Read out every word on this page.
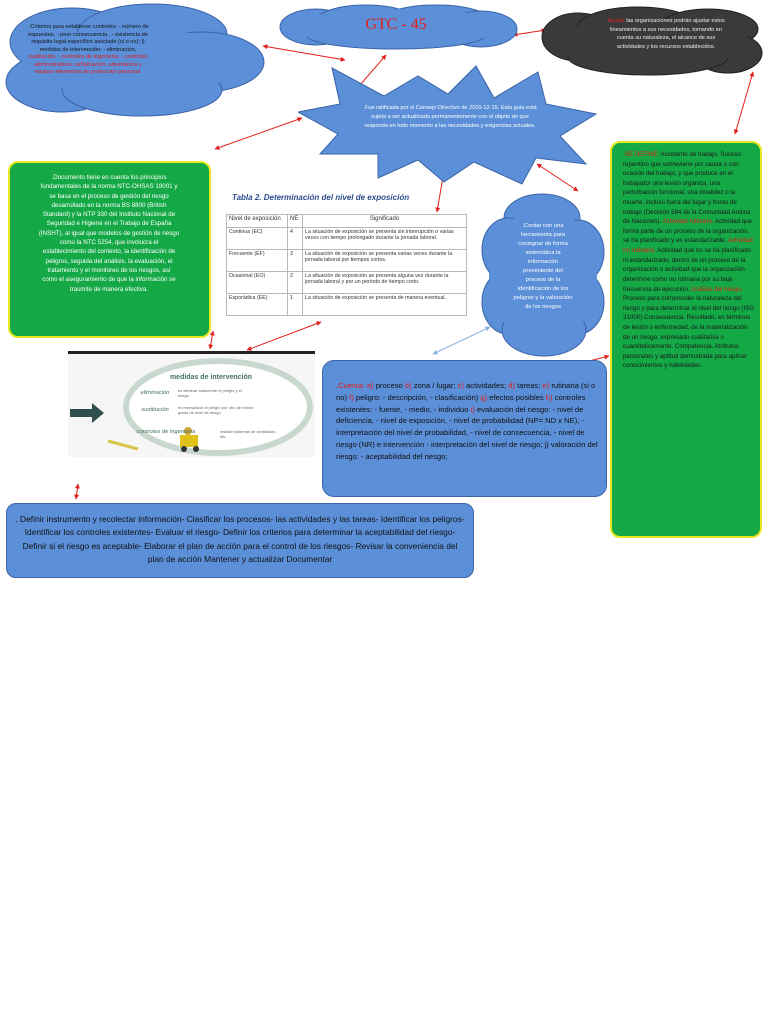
. Criterios para establecer controles: - número de
expuestos, - peor consecuencia , - existencia de
requisito legal específico asociado (si o no); l)
medidas de intervención: - eliminación,
sustitución, - controles de ingeniería, - controles
administrativos, señalización, advertencia y
equipos-elementos de protección personal.
GTC - 45	Ajustar las organizaciones podrán ajustar estos
lineamientos a sus necesidades, tomando en
cuenta su naturaleza, el alcance de sus
actividades y los recursos establecidos.
.Fue ratificada por el Consejo Directivo de 2010-12-15. Esta guía está
sujeta a ser actualizada permanentemente con el objeto de que
responda en todo momento a las necesidades y exigencias actuales.
.Documento tiene en cuenta los principios
fundamentales de la norma NTC-OHSAS 18001 y
se basa en el proceso de gestión del riesgo
desarrollado en la norma BS 8800 (British
Standard) y la NTP 330 del Instituto Nacional de
Seguridad e Higiene en el Trabajo de España
(INSHT), al igual que modelos de gestión de riesgo
como la NTC 5254, que involucra el
establecimiento del contexto, la identificación de
peligros, seguida del análisis, la evaluación, el
tratamiento y el monitoreo de los riesgos, así
como el aseguramiento de que la información se
trasmite de manera efectiva.
Tabla 2. Determinación del nivel de exposición
Nivel de exposición	NE	Significado
Continua (EC)	4	La situación de exposición se presenta sin interrupción o varias veces con tiempo prolongado durante la jornada laboral.
Frecuente (EF)	3	La situación de exposición se presenta varias veces durante la jornada laboral por tiempos cortos.
Ocasional (EO)	2	La situación de exposición se presenta alguna vez durante la jornada laboral y por un período de tiempo corto.
Esporádica (EE)	1	La situación de exposición se presenta de manera eventual.
.Contar con una
herramienta para
consignar de forma
sistemática la
información
proveniente del
proceso de la
identificación de los
peligros y la valoración
de los riesgos
medidas de intervención
eliminación	es eliminar totalmente el peligro y el riesgo
sustitución	es reemplazar el peligro por otro de menor grado de nivel de riesgo
controles de ingeniería	instalar sistemas de ventilación, etc.
.Cuenta: a) proceso b) zona / lugar; c) actividades; d) tareas; e) rutinaria (si o no) f) peligro: - descripción, - clasificación) g) efectos posibles h) controles existentes: - fuente, - medio, - individuo i) evaluación del riesgo: - nivel de deficiencia, - nivel de exposición, - nivel de probabilidad (NP= ND x NE), - interpretación del nivel de probabilidad, - nivel de consecuencia, - nivel de riesgo (NR) e intervención - interpretación del nivel de riesgo; j) valoración del riesgo: - aceptabilidad del riesgo;
.SE DEFINE: Accidente de trabajo. Suceso repentino que sobreviene por causa o con ocasión del trabajo, y que produce en el trabajador una lesión orgánica, una perturbación funcional, una invalidez o la muerte, incluso fuera del lugar y horas de trabajo (Decisión 584 de la Comunidad Andina de Naciones). Actividad rutinaria. Actividad que forma parte de un proceso de la organización, se ha planificado y es estandarizable. Actividad no rutinaria. Actividad que no se ha planificado ni estandarizado, dentro de un proceso de la organización o actividad que la organización determine como no rutinaria por su baja frecuencia de ejecución. Análisis del riesgo. Proceso para comprender la naturaleza del riesgo y para determinar el nivel del riesgo (ISO 31000) Consecuencia. Resultado, en términos de lesión o enfermedad, de la materialización de un riesgo, expresado cualitativa o cuantitativamente. Competencia. Atributos personales y aptitud demostrada para aplicar conocimientos y habilidades.
. Definir instrumento y recolectar información- Clasificar los procesos- las actividades y las tareas- Identificar los peligros- Identificar los controles existentes- Evaluar el riesgo- Definir los criterios para determinar la aceptabilidad del riesgo- Definir si el riesgo es aceptable- Elaborar el plan de acción para el control de los riesgos- Revisar la conveniencia del plan de acción Mantener y actualizar Documentar
